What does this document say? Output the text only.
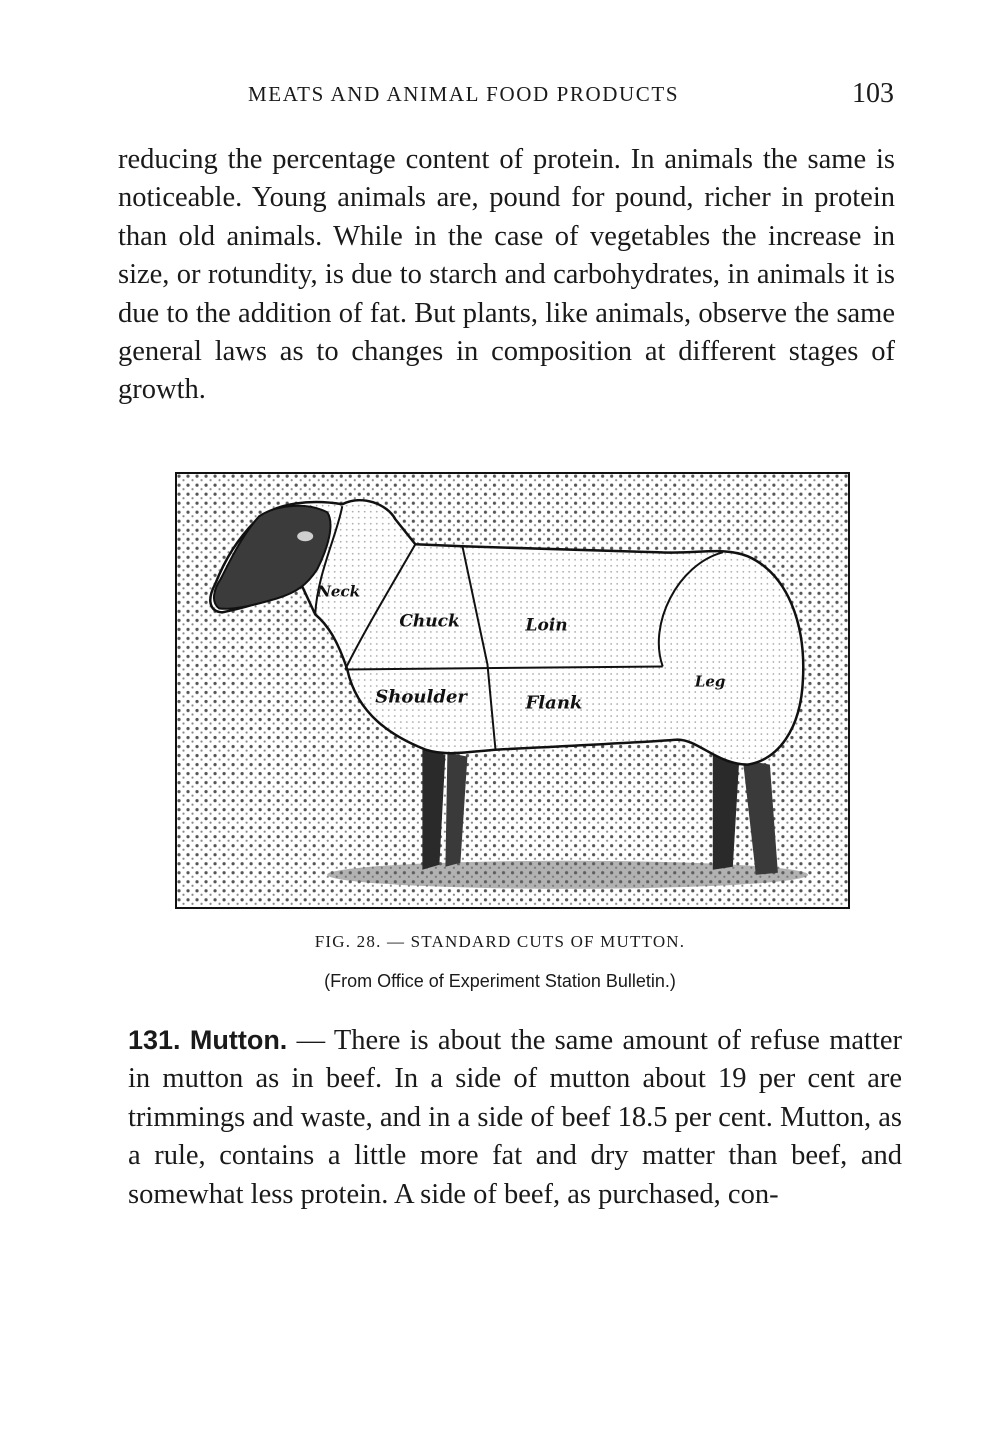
MEATS AND ANIMAL FOOD PRODUCTS	103

reducing the percentage content of protein. In animals the same is noticeable. Young animals are, pound for pound, richer in protein than old animals. While in the case of vegetables the increase in size, or rotundity, is due to starch and carbohydrates, in animals it is due to the addition of fat. But plants, like animals, observe the same general laws as to changes in composition at different stages of growth.

Neck
Chuck	Loin
Shoulder	Flank
Leg
FIG. 28. — STANDARD CUTS OF MUTTON.
(From Office of Experiment Station Bulletin.)

131. Mutton. — There is about the same amount of refuse matter in mutton as in beef. In a side of mutton about 19 per cent are trimmings and waste, and in a side of beef 18.5 per cent. Mutton, as a rule, contains a little more fat and dry matter than beef, and somewhat less protein. A side of beef, as purchased, con-
